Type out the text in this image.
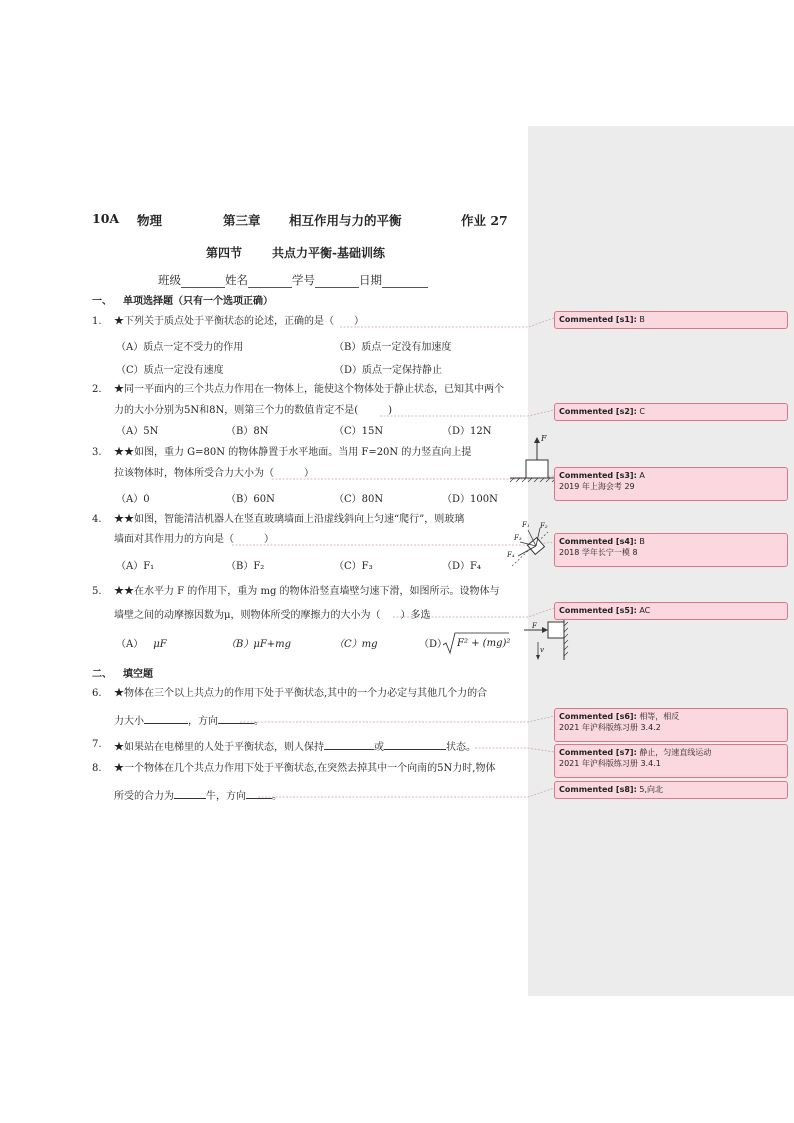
10A 物理	第三章 相互作用与力的平衡	作业 27
第四节 共点力平衡-基础训练
班级	姓名	学号	日期
一、 单项选择题（只有一个选项正确）
1. ★下列关于质点处于平衡状态的论述，正确的是（　　）
（A）质点一定不受力的作用	（B）质点一定没有加速度
（C）质点一定没有速度	（D）质点一定保持静止
2. ★同一平面内的三个共点力作用在一物体上，能使这个物体处于静止状态，已知其中两个
力的大小分别为5N和8N，则第三个力的数值肯定不是(　　　)
（A）5N	（B）8N	（C）15N	（D）12N
3. ★★如图，重力 G=80N 的物体静置于水平地面。当用 F=20N 的力竖直向上提
拉该物体时，物体所受合力大小为（　　　）
（A）0	（B）60N	（C）80N	（D）100N
F
4. ★★如图，智能清洁机器人在竖直玻璃墙面上沿虚线斜向上匀速“爬行”，则玻璃
墙面对其作用力的方向是（　　　）
（A）F₁	（B）F₂	（C）F₃	（D）F₄
F₁ F₂
F₃
F₄
5. ★★在水平力 F 的作用下，重为 mg 的物体沿竖直墙壁匀速下滑，如图所示。设物体与
墙壁之间的动摩擦因数为μ，则物体所受的摩擦力的大小为（　　）多选
（A） μF	（B）μF+mg	（C）mg	（D） F² + (mg)²
F
v
二、 填空题
6. ★物体在三个以上共点力的作用下处于平衡状态,其中的一个力必定与其他几个力的合
力大小	，方向	。
7. ★如果站在电梯里的人处于平衡状态，则人保持	或	状态。
8. ★一个物体在几个共点力作用下处于平衡状态,在突然去掉其中一个向南的5N力时,物体
所受的合力为	牛，方向	。
Commented [s1]: B
Commented [s2]: C
Commented [s3]: A
2019 年上海会考 29
Commented [s4]: B
2018 学年长宁一模 8
Commented [s5]: AC
Commented [s6]: 相等，相反
2021 年沪科版练习册 3.4.2
Commented [s7]: 静止，匀速直线运动
2021 年沪科版练习册 3.4.1
Commented [s8]: 5,向北
